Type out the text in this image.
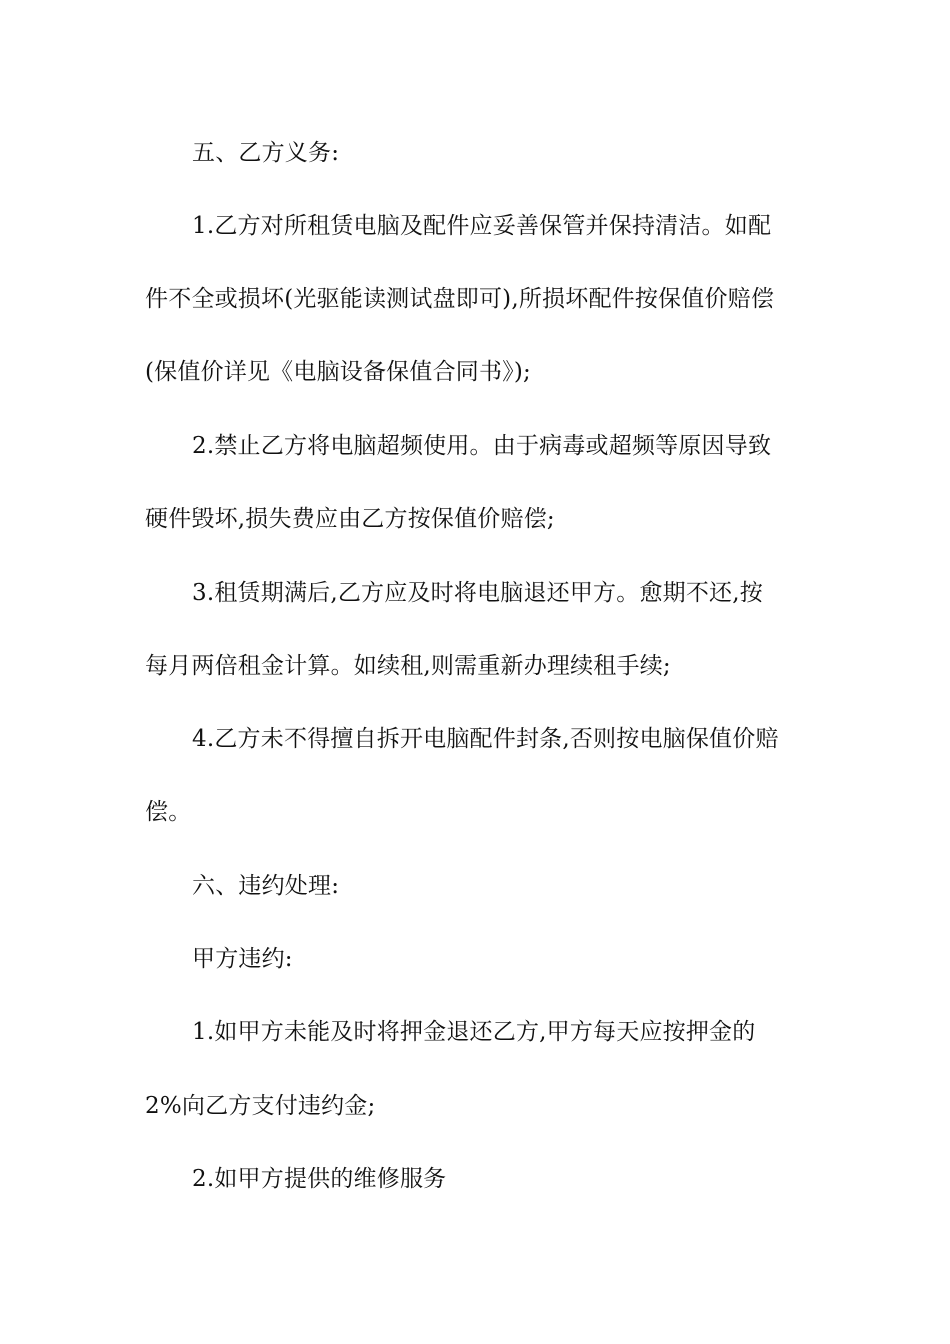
五、乙方义务:
1.乙方对所租赁电脑及配件应妥善保管并保持清洁。如配
件不全或损坏(光驱能读测试盘即可),所损坏配件按保值价赔偿
(保值价详见《电脑设备保值合同书》);
2.禁止乙方将电脑超频使用。由于病毒或超频等原因导致
硬件毁坏,损失费应由乙方按保值价赔偿;
3.租赁期满后,乙方应及时将电脑退还甲方。愈期不还,按
每月两倍租金计算。如续租,则需重新办理续租手续;
4.乙方未不得擅自拆开电脑配件封条,否则按电脑保值价赔
偿。
六、违约处理:
甲方违约:
1.如甲方未能及时将押金退还乙方,甲方每天应按押金的
2%向乙方支付违约金;
2.如甲方提供的维修服务
